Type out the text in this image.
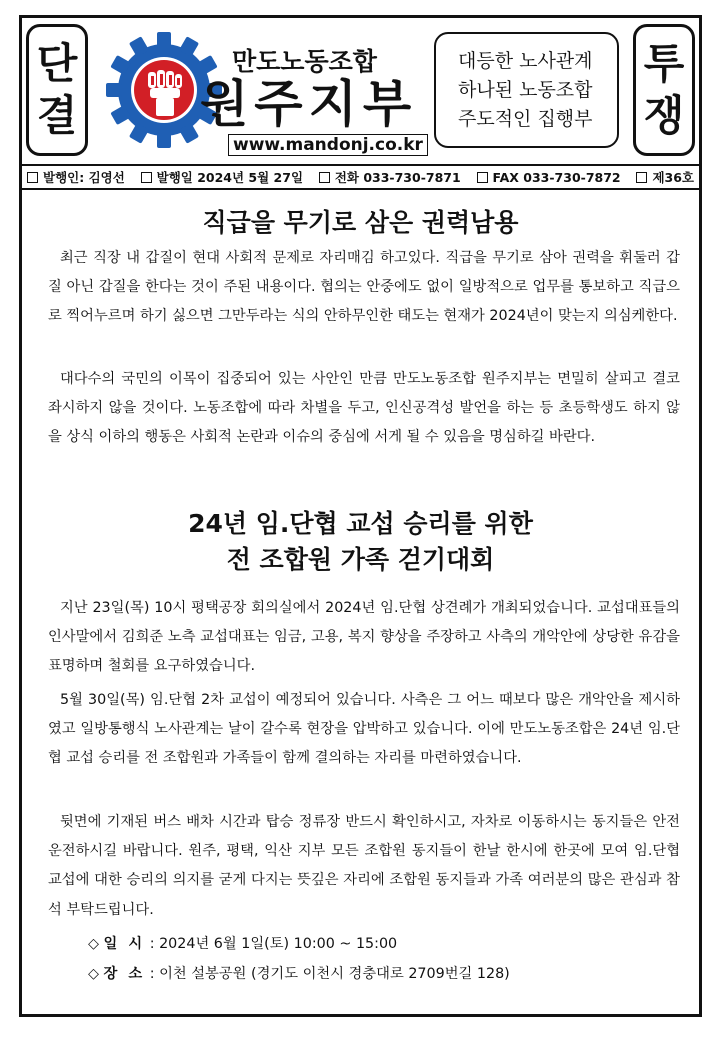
단
결
만도노동조합
원주지부
www.mandonj.co.kr
대등한 노사관계
하나된 노동조합
주도적인 집행부
투
쟁
발행인: 김영선	발행일 2024년 5월 27일	전화 033-730-7871	FAX 033-730-7872	제36호
직급을 무기로 삼은 권력남용

최근 직장 내 갑질이 현대 사회적 문제로 자리매김 하고있다. 직급을 무기로 삼아 권력을 휘둘러 갑질 아닌 갑질을 한다는 것이 주된 내용이다. 협의는 안중에도 없이 일방적으로 업무를 통보하고 직급으로 찍어누르며 하기 싫으면 그만두라는 식의 안하무인한 태도는 현재가 2024년이 맞는지 의심케한다.

대다수의 국민의 이목이 집중되어 있는 사안인 만큼 만도노동조합 원주지부는 면밀히 살피고 결코 좌시하지 않을 것이다. 노동조합에 따라 차별을 두고, 인신공격성 발언을 하는 등 초등학생도 하지 않을 상식 이하의 행동은 사회적 논란과 이슈의 중심에 서게 될 수 있음을 명심하길 바란다.

24년 임.단협 교섭 승리를 위한
전 조합원 가족 걷기대회

지난 23일(목) 10시 평택공장 회의실에서 2024년 임.단협 상견례가 개최되었습니다. 교섭대표들의 인사말에서 김희준 노측 교섭대표는 임금, 고용, 복지 향상을 주장하고 사측의 개악안에 상당한 유감을 표명하며 철회를 요구하였습니다.

5월 30일(목) 임.단협 2차 교섭이 예정되어 있습니다. 사측은 그 어느 때보다 많은 개악안을 제시하였고 일방통행식 노사관계는 날이 갈수록 현장을 압박하고 있습니다. 이에 만도노동조합은 24년 임.단협 교섭 승리를 전 조합원과 가족들이 함께 결의하는 자리를 마련하였습니다.

뒷면에 기재된 버스 배차 시간과 탑승 정류장 반드시 확인하시고, 자차로 이동하시는 동지들은 안전운전하시길 바랍니다. 원주, 평택, 익산 지부 모든 조합원 동지들이 한날 한시에 한곳에 모여 임.단협 교섭에 대한 승리의 의지를 굳게 다지는 뜻깊은 자리에 조합원 동지들과 가족 여러분의 많은 관심과 참석 부탁드립니다.

◇ 일 시 : 2024년 6월 1일(토) 10:00 ~ 15:00
◇ 장 소 : 이천 설봉공원 (경기도 이천시 경충대로 2709번길 128)
